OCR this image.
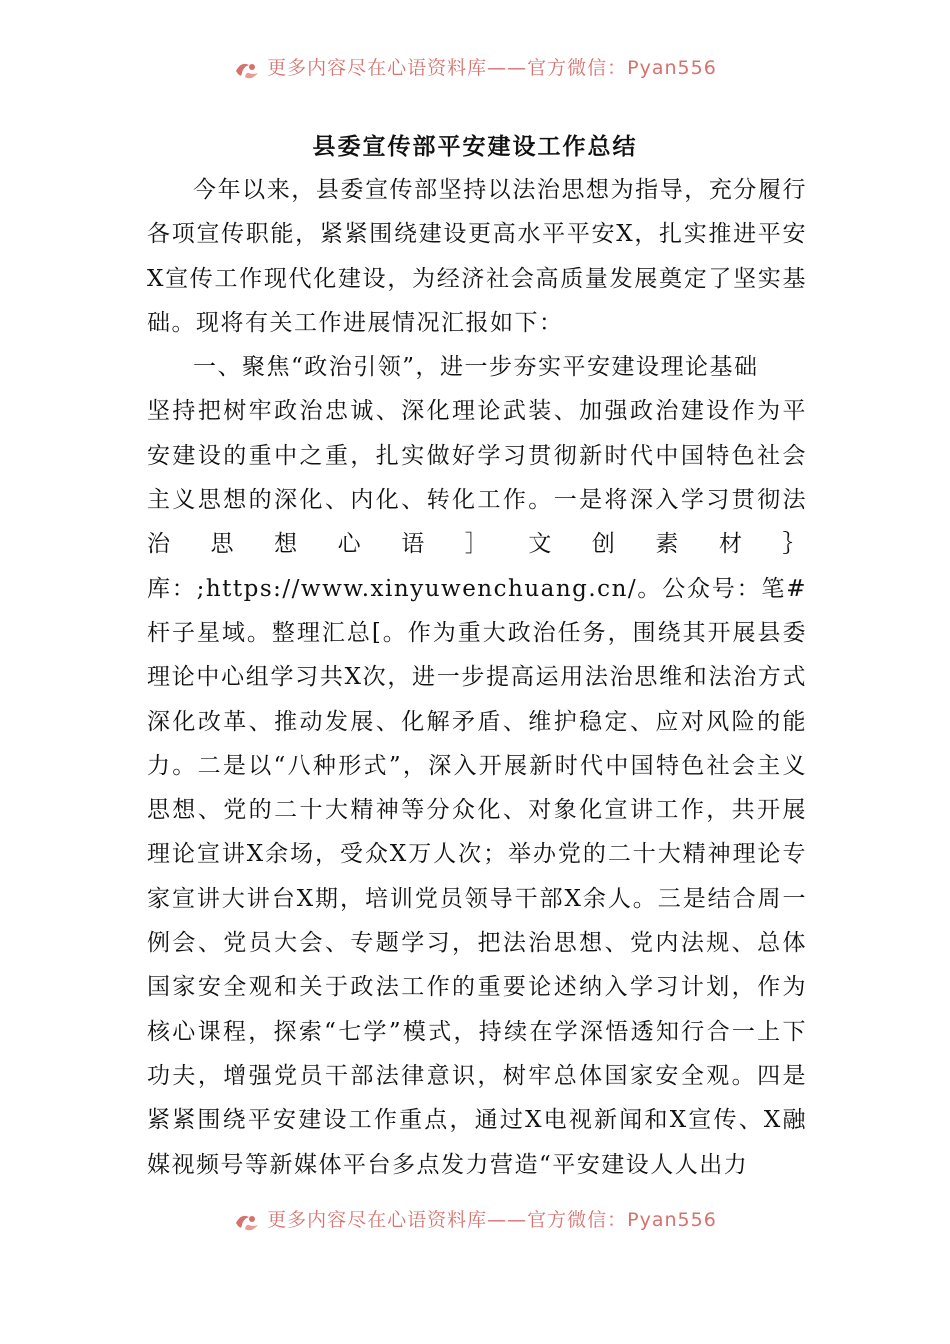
更多内容尽在心语资料库——官方微信：Pyan556
县委宣传部平安建设工作总结

今年以来，县委宣传部坚持以法治思想为指导，充分履行各项宣传职能，紧紧围绕建设更高水平平安X，扎实推进平安X宣传工作现代化建设，为经济社会高质量发展奠定了坚实基础。现将有关工作进展情况汇报如下：

一、聚焦“政治引领”，进一步夯实平安建设理论基础

坚持把树牢政治忠诚、深化理论武装、加强政治建设作为平安建设的重中之重，扎实做好学习贯彻新时代中国特色社会主义思想的深化、内化、转化工作。一是将深入学习贯彻法治思想心语］文创素材｝库：;https://www.xinyuwenchuang.cn/。公众号：笔#杆子星域。整理汇总[。作为重大政治任务，围绕其开展县委理论中心组学习共X次，进一步提高运用法治思维和法治方式深化改革、推动发展、化解矛盾、维护稳定、应对风险的能力。二是以“八种形式”，深入开展新时代中国特色社会主义思想、党的二十大精神等分众化、对象化宣讲工作，共开展理论宣讲X余场，受众X万人次；举办党的二十大精神理论专家宣讲大讲台X期，培训党员领导干部X余人。三是结合周一例会、党员大会、专题学习，把法治思想、党内法规、总体国家安全观和关于政法工作的重要论述纳入学习计划，作为核心课程，探索“七学”模式，持续在学深悟透知行合一上下功夫，增强党员干部法律意识，树牢总体国家安全观。四是紧紧围绕平安建设工作重点，通过X电视新闻和X宣传、X融媒视频号等新媒体平台多点发力营造“平安建设人人出力

更多内容尽在心语资料库——官方微信：Pyan556
